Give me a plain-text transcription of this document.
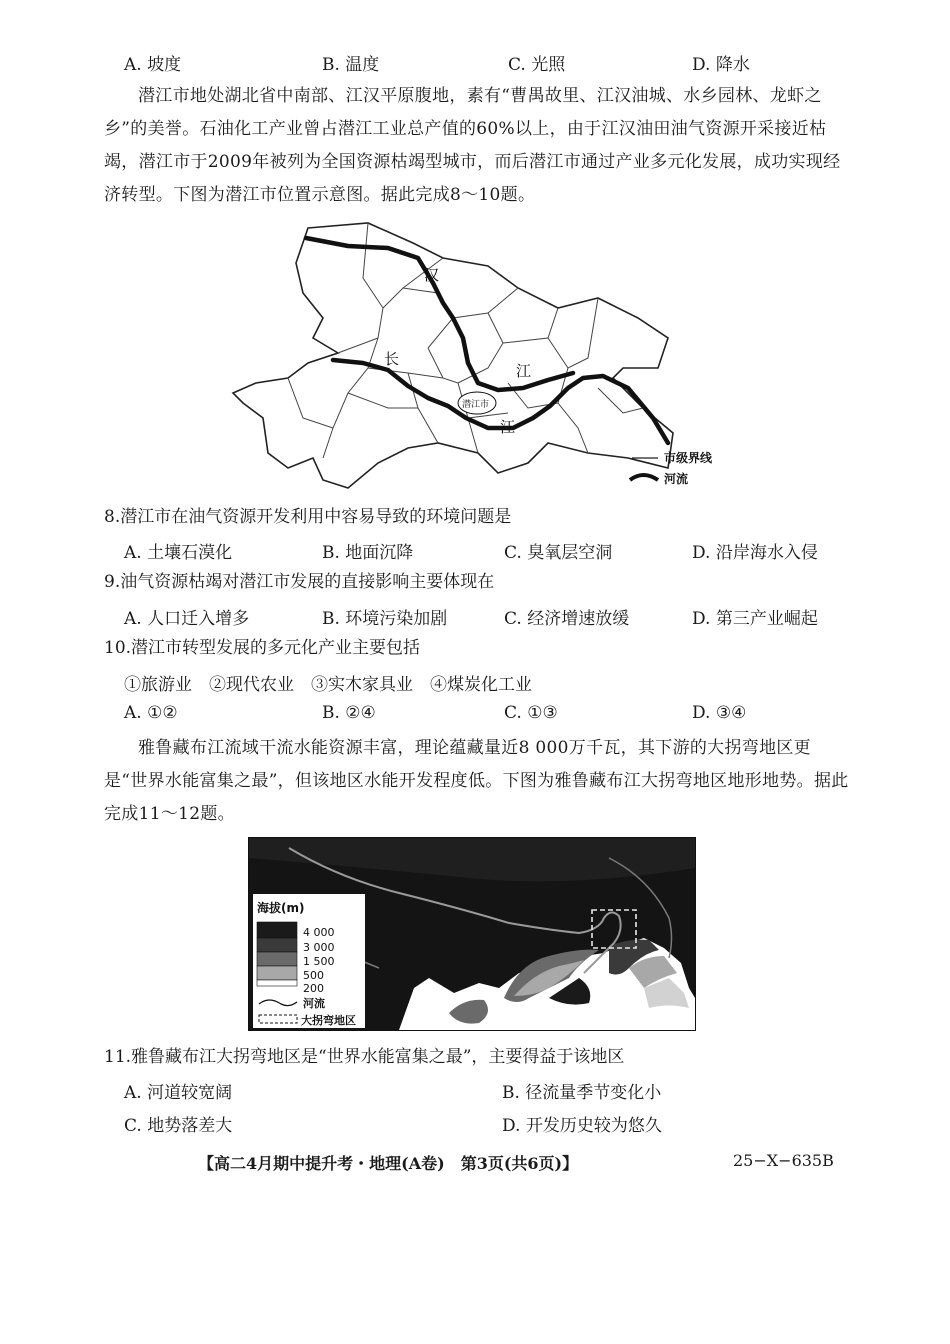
A. 坡度	B. 温度	C. 光照	D. 降水
潜江市地处湖北省中南部、江汉平原腹地，素有“曹禺故里、江汉油城、水乡园林、龙虾之乡”的美誉。石油化工产业曾占潜江工业总产值的60%以上，由于江汉油田油气资源开采接近枯竭，潜江市于2009年被列为全国资源枯竭型城市，而后潜江市通过产业多元化发展，成功实现经济转型。下图为潜江市位置示意图。据此完成8～10题。
汉
长
江
江
潜江市
市级界线
河流
8.潜江市在油气资源开发利用中容易导致的环境问题是
A. 土壤石漠化	B. 地面沉降	C. 臭氧层空洞	D. 沿岸海水入侵
9.油气资源枯竭对潜江市发展的直接影响主要体现在
A. 人口迁入增多	B. 环境污染加剧	C. 经济增速放缓	D. 第三产业崛起
10.潜江市转型发展的多元化产业主要包括
①旅游业　②现代农业　③实木家具业　④煤炭化工业
A. ①②	B. ②④	C. ①③	D. ③④
雅鲁藏布江流域干流水能资源丰富，理论蕴藏量近8 000万千瓦，其下游的大拐弯地区更是“世界水能富集之最”，但该地区水能开发程度低。下图为雅鲁藏布江大拐弯地区地形地势。据此完成11～12题。
海拔(m)
4 000
3 000
1 500
500
200
河流
大拐弯地区
11.雅鲁藏布江大拐弯地区是“世界水能富集之最”，主要得益于该地区
A. 河道较宽阔	B. 径流量季节变化小
C. 地势落差大	D. 开发历史较为悠久
【高二4月期中提升考・地理(A卷)　第3页(共6页)】	25−X−635B
